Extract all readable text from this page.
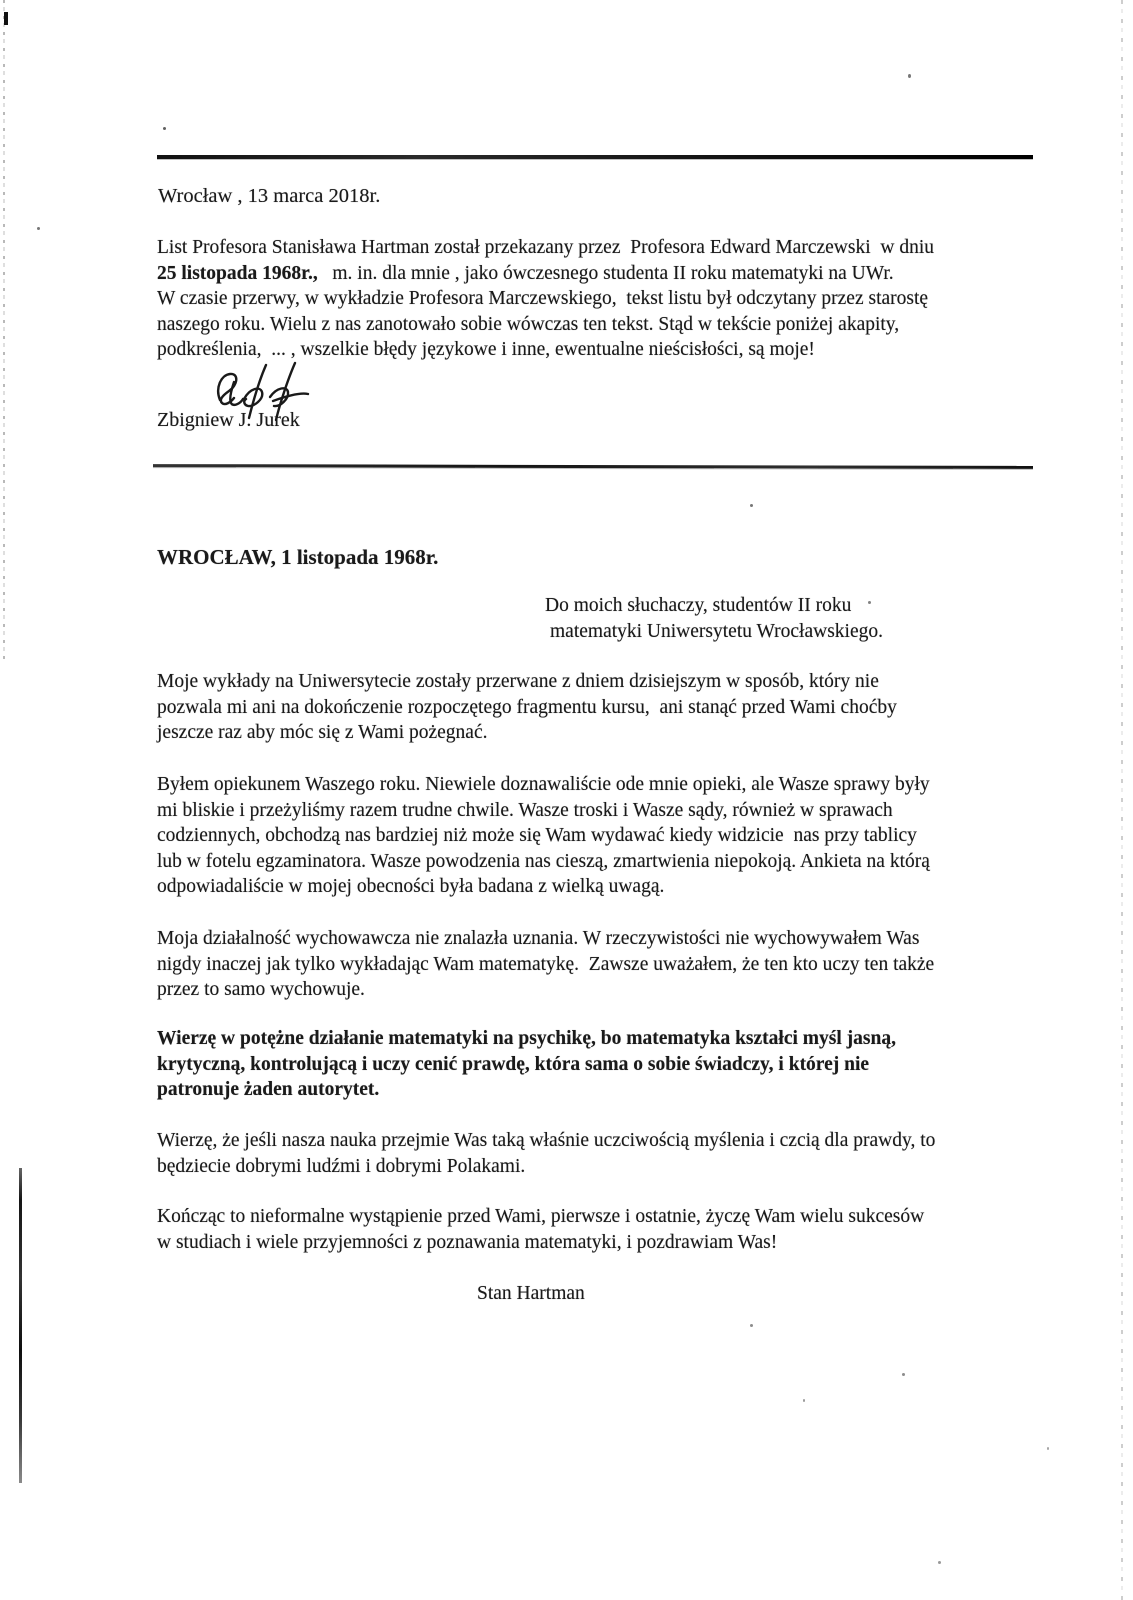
Wrocław , 13 marca 2018r.
List Profesora Stanisława Hartman został przekazany przez  Profesora Edward Marczewski  w dniu
25 listopada 1968r.,   m. in. dla mnie , jako ówczesnego studenta II roku matematyki na UWr.
W czasie przerwy, w wykładzie Profesora Marczewskiego,  tekst listu był odczytany przez starostę
naszego roku. Wielu z nas zanotowało sobie wówczas ten tekst. Stąd w tekście poniżej akapity,
podkreślenia,  ... , wszelkie błędy językowe i inne, ewentualne nieścisłości, są moje!
Zbigniew J. Jurek
WROCŁAW, 1 listopada 1968r.
Do moich słuchaczy, studentów II roku
matematyki Uniwersytetu Wrocławskiego.
Moje wykłady na Uniwersytecie zostały przerwane z dniem dzisiejszym w sposób, który nie
pozwala mi ani na dokończenie rozpoczętego fragmentu kursu,  ani stanąć przed Wami choćby
jeszcze raz aby móc się z Wami pożegnać.
Byłem opiekunem Waszego roku. Niewiele doznawaliście ode mnie opieki, ale Wasze sprawy były
mi bliskie i przeżyliśmy razem trudne chwile. Wasze troski i Wasze sądy, również w sprawach
codziennych, obchodzą nas bardziej niż może się Wam wydawać kiedy widzicie  nas przy tablicy
lub w fotelu egzaminatora. Wasze powodzenia nas cieszą, zmartwienia niepokoją. Ankieta na którą
odpowiadaliście w mojej obecności była badana z wielką uwagą.
Moja działalność wychowawcza nie znalazła uznania. W rzeczywistości nie wychowywałem Was
nigdy inaczej jak tylko wykładając Wam matematykę.  Zawsze uważałem, że ten kto uczy ten także
przez to samo wychowuje.
Wierzę w potężne działanie matematyki na psychikę, bo matematyka kształci myśl jasną,
krytyczną, kontrolującą i uczy cenić prawdę, która sama o sobie świadczy, i której nie
patronuje żaden autorytet.
Wierzę, że jeśli nasza nauka przejmie Was taką właśnie uczciwością myślenia i czcią dla prawdy, to
będziecie dobrymi ludźmi i dobrymi Polakami.
Kończąc to nieformalne wystąpienie przed Wami, pierwsze i ostatnie, życzę Wam wielu sukcesów
w studiach i wiele przyjemności z poznawania matematyki, i pozdrawiam Was!
Stan Hartman
